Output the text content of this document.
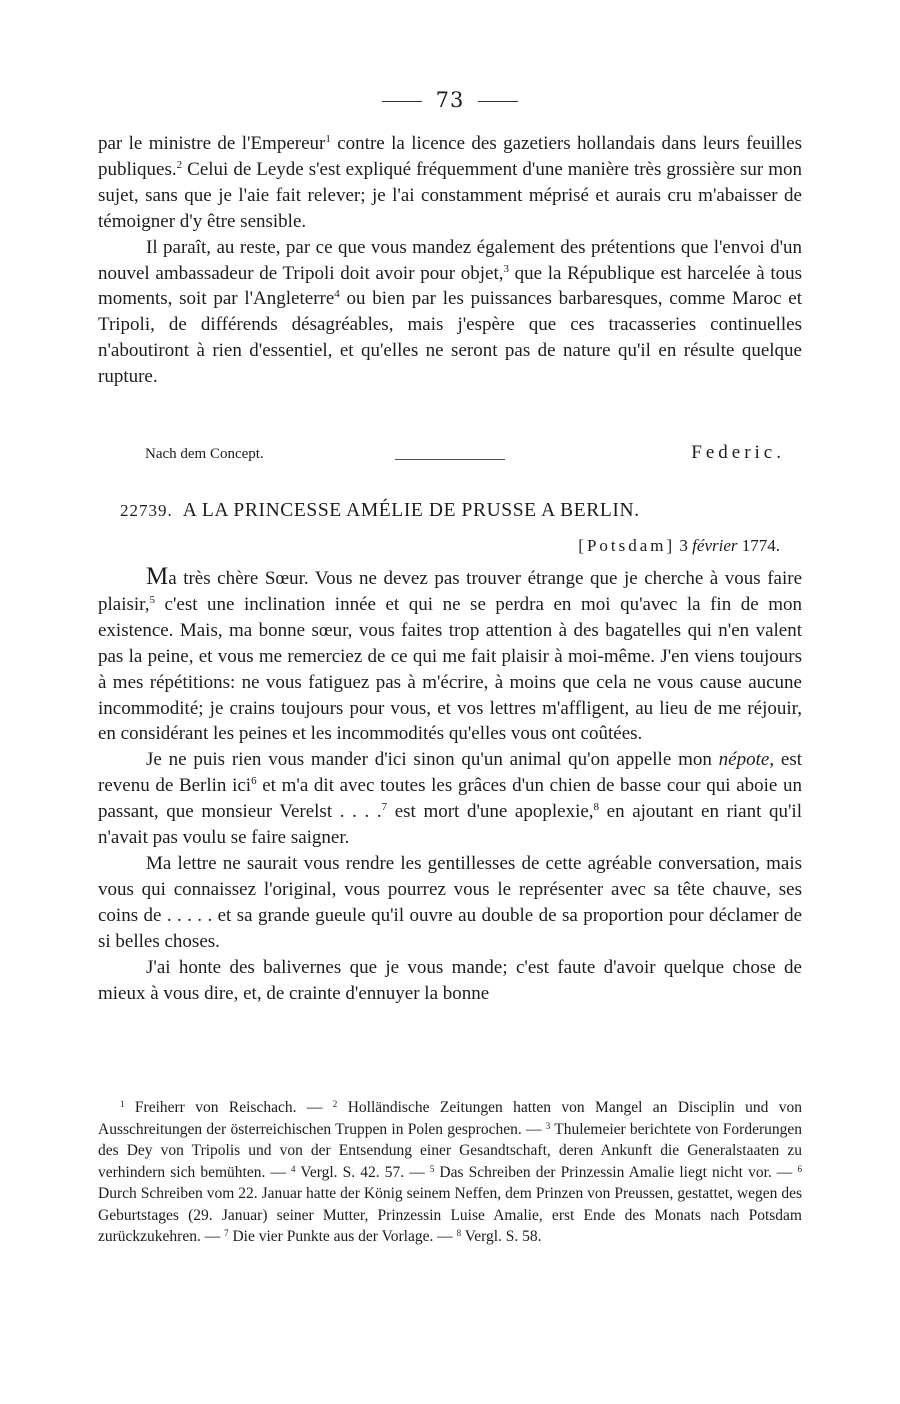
73

par le ministre de l'Empereur$^1$ contre la licence des gazetiers hollandais dans leurs feuilles publiques.$^2$ Celui de Leyde s'est expliqué fréquemment d'une manière très grossière sur mon sujet, sans que je l'aie fait relever; je l'ai constamment méprisé et aurais cru m'abaisser de témoigner d'y être sensible.

Il paraît, au reste, par ce que vous mandez également des prétentions que l'envoi d'un nouvel ambassadeur de Tripoli doit avoir pour objet,$^3$ que la République est harcelée à tous moments, soit par l'Angleterre$^4$ ou bien par les puissances barbaresques, comme Maroc et Tripoli, de différends désagréables, mais j'espère que ces tracasseries continuelles n'aboutiront à rien d'essentiel, et qu'elles ne seront pas de nature qu'il en résulte quelque rupture.

Nach dem Concept.	Federic.
22739. A LA PRINCESSE AMÉLIE DE PRUSSE A BERLIN.
[Potsdam] 3 février 1774.

Ma très chère Sœur. Vous ne devez pas trouver étrange que je cherche à vous faire plaisir,$^5$ c'est une inclination innée et qui ne se perdra en moi qu'avec la fin de mon existence. Mais, ma bonne sœur, vous faites trop attention à des bagatelles qui n'en valent pas la peine, et vous me remerciez de ce qui me fait plaisir à moi-même. J'en viens toujours à mes répétitions: ne vous fatiguez pas à m'écrire, à moins que cela ne vous cause aucune incommodité; je crains toujours pour vous, et vos lettres m'affligent, au lieu de me réjouir, en considérant les peines et les incommodités qu'elles vous ont coûtées.

Je ne puis rien vous mander d'ici sinon qu'un animal qu'on appelle mon népote, est revenu de Berlin ici$^6$ et m'a dit avec toutes les grâces d'un chien de basse cour qui aboie un passant, que monsieur Verelst . . . .$^7$ est mort d'une apoplexie,$^8$ en ajoutant en riant qu'il n'avait pas voulu se faire saigner.

Ma lettre ne saurait vous rendre les gentillesses de cette agréable conversation, mais vous qui connaissez l'original, vous pourrez vous le représenter avec sa tête chauve, ses coins de . . . . . et sa grande gueule qu'il ouvre au double de sa proportion pour déclamer de si belles choses.

J'ai honte des balivernes que je vous mande; c'est faute d'avoir quelque chose de mieux à vous dire, et, de crainte d'ennuyer la bonne

$^1$ Freiherr von Reischach. — $^2$ Holländische Zeitungen hatten von Mangel an Disciplin und von Ausschreitungen der österreichischen Truppen in Polen gesprochen. — $^3$ Thulemeier berichtete von Forderungen des Dey von Tripolis und von der Entsendung einer Gesandtschaft, deren Ankunft die Generalstaaten zu verhindern sich bemühten. — $^4$ Vergl. S. 42. 57. — $^5$ Das Schreiben der Prinzessin Amalie liegt nicht vor. — $^6$ Durch Schreiben vom 22. Januar hatte der König seinem Neffen, dem Prinzen von Preussen, gestattet, wegen des Geburtstages (29. Januar) seiner Mutter, Prinzessin Luise Amalie, erst Ende des Monats nach Potsdam zurückzukehren. — $^7$ Die vier Punkte aus der Vorlage. — $^8$ Vergl. S. 58.
